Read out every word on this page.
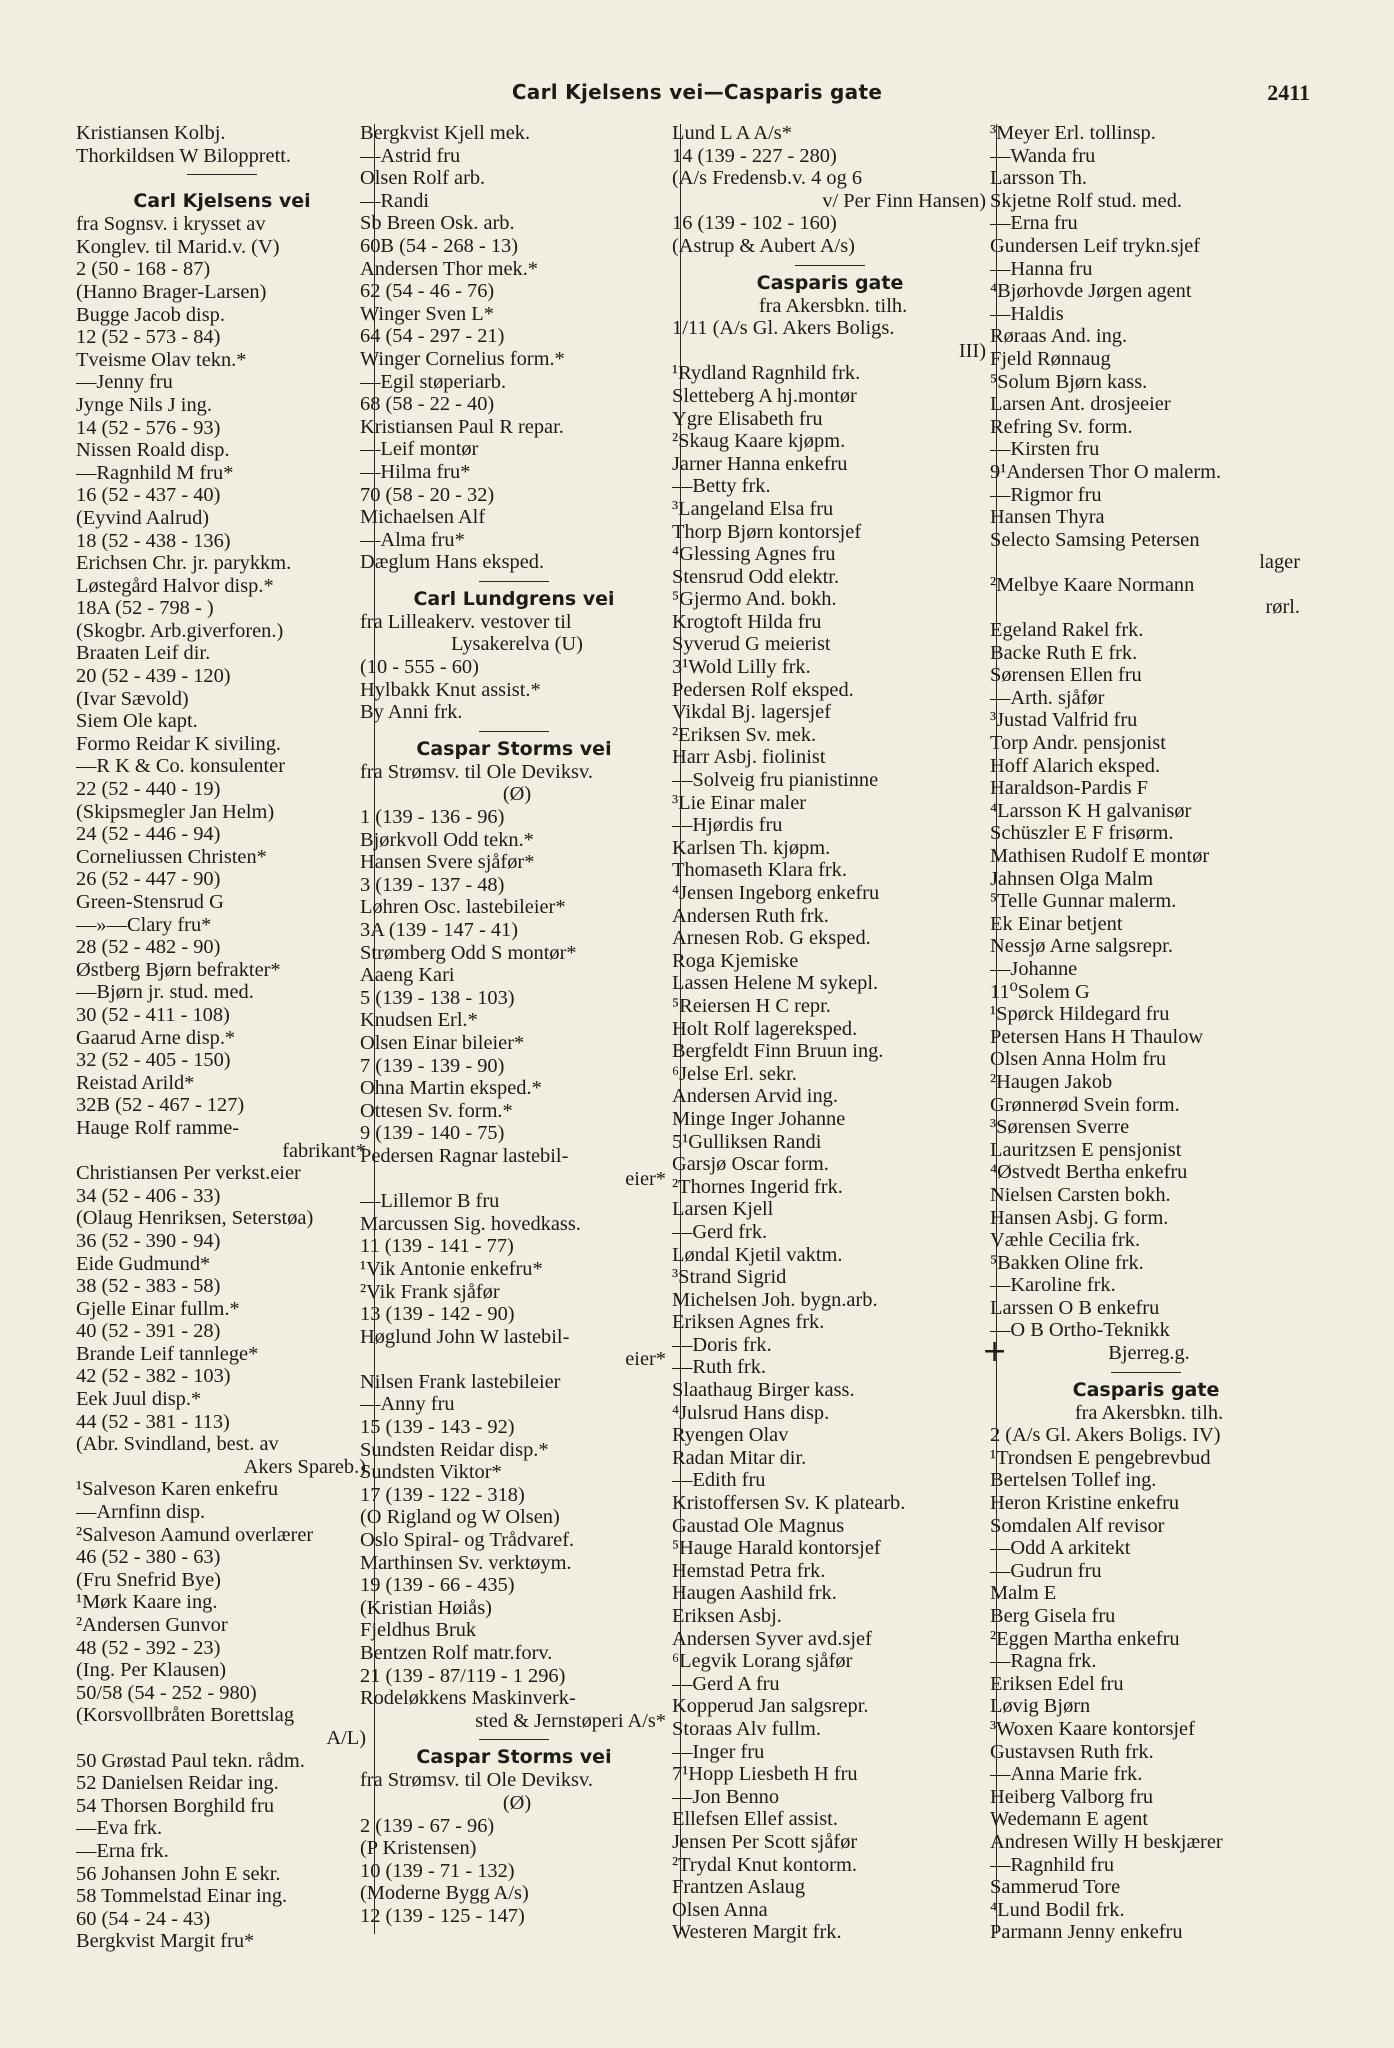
Carl Kjelsens vei—Casparis gate	2411
Kristiansen Kolbj.
Thorkildsen W Bilopprett.
Carl Kjelsens vei
fra Sognsv. i krysset av
Konglev. til Marid.v. (V)
2 (50 - 168 - 87)
(Hanno Brager-Larsen)
Bugge Jacob disp.
12 (52 - 573 - 84)
Tveisme Olav tekn.*
—Jenny fru
Jynge Nils J ing.
14 (52 - 576 - 93)
Nissen Roald disp.
—Ragnhild M fru*
16 (52 - 437 - 40)
(Eyvind Aalrud)
18 (52 - 438 - 136)
Erichsen Chr. jr. parykkm.
Løstegård Halvor disp.*
18A (52 - 798 - )
(Skogbr. Arb.giverforen.)
Braaten Leif dir.
20 (52 - 439 - 120)
(Ivar Sævold)
Siem Ole kapt.
Formo Reidar K siviling.
—R K & Co. konsulenter
22 (52 - 440 - 19)
(Skipsmegler Jan Helm)
24 (52 - 446 - 94)
Corneliussen Christen*
26 (52 - 447 - 90)
Green-Stensrud G
—»—Clary fru*
28 (52 - 482 - 90)
Østberg Bjørn befrakter*
—Bjørn jr. stud. med.
30 (52 - 411 - 108)
Gaarud Arne disp.*
32 (52 - 405 - 150)
Reistad Arild*
32B (52 - 467 - 127)
Hauge Rolf ramme-
fabrikant*
Christiansen Per verkst.eier
34 (52 - 406 - 33)
(Olaug Henriksen, Seterstøa)
36 (52 - 390 - 94)
Eide Gudmund*
38 (52 - 383 - 58)
Gjelle Einar fullm.*
40 (52 - 391 - 28)
Brande Leif tannlege*
42 (52 - 382 - 103)
Eek Juul disp.*
44 (52 - 381 - 113)
(Abr. Svindland, best. av
Akers Spareb.)
¹Salveson Karen enkefru
—Arnfinn disp.
²Salveson Aamund overlærer
46 (52 - 380 - 63)
(Fru Snefrid Bye)
¹Mørk Kaare ing.
²Andersen Gunvor
48 (52 - 392 - 23)
(Ing. Per Klausen)
50/58 (54 - 252 - 980)
(Korsvollbråten Borettslag
A/L)
50 Grøstad Paul tekn. rådm.
52 Danielsen Reidar ing.
54 Thorsen Borghild fru
—Eva frk.
—Erna frk.
56 Johansen John E sekr.
58 Tommelstad Einar ing.
60 (54 - 24 - 43)
Bergkvist Margit fru*
Bergkvist Kjell mek.
—Astrid fru
Olsen Rolf arb.
—Randi
Sb Breen Osk. arb.
60B (54 - 268 - 13)
Andersen Thor mek.*
62 (54 - 46 - 76)
Winger Sven L*
64 (54 - 297 - 21)
Winger Cornelius form.*
—Egil støperiarb.
68 (58 - 22 - 40)
Kristiansen Paul R repar.
—Leif montør
—Hilma fru*
70 (58 - 20 - 32)
Michaelsen Alf
—Alma fru*
Dæglum Hans eksped.
Carl Lundgrens vei
fra Lilleakerv. vestover til
Lysakerelva (U)
(10 - 555 - 60)
Hylbakk Knut assist.*
By Anni frk.
Caspar Storms vei
fra Strømsv. til Ole Deviksv.
(Ø)
1 (139 - 136 - 96)
Bjørkvoll Odd tekn.*
Hansen Svere sjåfør*
3 (139 - 137 - 48)
Løhren Osc. lastebileier*
3A (139 - 147 - 41)
Strømberg Odd S montør*
Aaeng Kari
5 (139 - 138 - 103)
Knudsen Erl.*
Olsen Einar bileier*
7 (139 - 139 - 90)
Ohna Martin eksped.*
Ottesen Sv. form.*
9 (139 - 140 - 75)
Pedersen Ragnar lastebil-
eier*
—Lillemor B fru
Marcussen Sig. hovedkass.
11 (139 - 141 - 77)
¹Vik Antonie enkefru*
²Vik Frank sjåfør
13 (139 - 142 - 90)
Høglund John W lastebil-
eier*
Nilsen Frank lastebileier
—Anny fru
15 (139 - 143 - 92)
Sundsten Reidar disp.*
Sundsten Viktor*
17 (139 - 122 - 318)
(O Rigland og W Olsen)
Oslo Spiral- og Trådvaref.
Marthinsen Sv. verktøym.
19 (139 - 66 - 435)
(Kristian Høiås)
Fjeldhus Bruk
Bentzen Rolf matr.forv.
21 (139 - 87/119 - 1 296)
Rodeløkkens Maskinverk-
sted & Jernstøperi A/s*
Caspar Storms vei
fra Strømsv. til Ole Deviksv.
(Ø)
2 (139 - 67 - 96)
(P Kristensen)
10 (139 - 71 - 132)
(Moderne Bygg A/s)
12 (139 - 125 - 147)
Lund L A A/s*
14 (139 - 227 - 280)
(A/s Fredensb.v. 4 og 6
v/ Per Finn Hansen)
16 (139 - 102 - 160)
(Astrup & Aubert A/s)
Casparis gate
fra Akersbkn. tilh.
1/11 (A/s Gl. Akers Boligs.
III)
¹Rydland Ragnhild frk.
Sletteberg A hj.montør
Ygre Elisabeth fru
²Skaug Kaare kjøpm.
Jarner Hanna enkefru
—Betty frk.
³Langeland Elsa fru
Thorp Bjørn kontorsjef
⁴Glessing Agnes fru
Stensrud Odd elektr.
⁵Gjermo And. bokh.
Krogtoft Hilda fru
Syverud G meierist
3¹Wold Lilly frk.
Pedersen Rolf eksped.
Vikdal Bj. lagersjef
²Eriksen Sv. mek.
Harr Asbj. fiolinist
—Solveig fru pianistinne
³Lie Einar maler
—Hjørdis fru
Karlsen Th. kjøpm.
Thomaseth Klara frk.
⁴Jensen Ingeborg enkefru
Andersen Ruth frk.
Arnesen Rob. G eksped.
Roga Kjemiske
Lassen Helene M sykepl.
⁵Reiersen H C repr.
Holt Rolf lagereksped.
Bergfeldt Finn Bruun ing.
⁶Jelse Erl. sekr.
Andersen Arvid ing.
Minge Inger Johanne
5¹Gulliksen Randi
Garsjø Oscar form.
²Thornes Ingerid frk.
Larsen Kjell
—Gerd frk.
Løndal Kjetil vaktm.
³Strand Sigrid
Michelsen Joh. bygn.arb.
Eriksen Agnes frk.
—Doris frk.
—Ruth frk.
Slaathaug Birger kass.
⁴Julsrud Hans disp.
Ryengen Olav
Radan Mitar dir.
—Edith fru
Kristoffersen Sv. K platearb.
Gaustad Ole Magnus
⁵Hauge Harald kontorsjef
Hemstad Petra frk.
Haugen Aashild frk.
Eriksen Asbj.
Andersen Syver avd.sjef
⁶Legvik Lorang sjåfør
—Gerd A fru
Kopperud Jan salgsrepr.
Storaas Alv fullm.
—Inger fru
7¹Hopp Liesbeth H fru
—Jon Benno
Ellefsen Ellef assist.
Jensen Per Scott sjåfør
²Trydal Knut kontorm.
Frantzen Aslaug
Olsen Anna
Westeren Margit frk.
³Meyer Erl. tollinsp.
—Wanda fru
Larsson Th.
Skjetne Rolf stud. med.
—Erna fru
Gundersen Leif trykn.sjef
—Hanna fru
⁴Bjørhovde Jørgen agent
—Haldis
Røraas And. ing.
Fjeld Rønnaug
⁵Solum Bjørn kass.
Larsen Ant. drosjeeier
Refring Sv. form.
—Kirsten fru
9¹Andersen Thor O malerm.
—Rigmor fru
Hansen Thyra
Selecto Samsing Petersen
lager
²Melbye Kaare Normann
rørl.
Egeland Rakel frk.
Backe Ruth E frk.
Sørensen Ellen fru
—Arth. sjåfør
³Justad Valfrid fru
Torp Andr. pensjonist
Hoff Alarich eksped.
Haraldson-Pardis F
⁴Larsson K H galvanisør
Schüszler E F frisørm.
Mathisen Rudolf E montør
Jahnsen Olga Malm
⁵Telle Gunnar malerm.
Ek Einar betjent
Nessjø Arne salgsrepr.
—Johanne
11⁰Solem G
¹Spørck Hildegard fru
Petersen Hans H Thaulow
Olsen Anna Holm fru
²Haugen Jakob
Grønnerød Svein form.
³Sørensen Sverre
Lauritzsen E pensjonist
⁴Østvedt Bertha enkefru
Nielsen Carsten bokh.
Hansen Asbj. G form.
Væhle Cecilia frk.
⁵Bakken Oline frk.
—Karoline frk.
Larssen O B enkefru
—O B Ortho-Teknikk
Bjerreg.g.
Casparis gate
fra Akersbkn. tilh.
2 (A/s Gl. Akers Boligs. IV)
¹Trondsen E pengebrevbud
Bertelsen Tollef ing.
Heron Kristine enkefru
Somdalen Alf revisor
—Odd A arkitekt
—Gudrun fru
Malm E
Berg Gisela fru
²Eggen Martha enkefru
—Ragna frk.
Eriksen Edel fru
Løvig Bjørn
³Woxen Kaare kontorsjef
Gustavsen Ruth frk.
—Anna Marie frk.
Heiberg Valborg fru
Wedemann E agent
Andresen Willy H beskjærer
—Ragnhild fru
Sammerud Tore
⁴Lund Bodil frk.
Parmann Jenny enkefru
+
